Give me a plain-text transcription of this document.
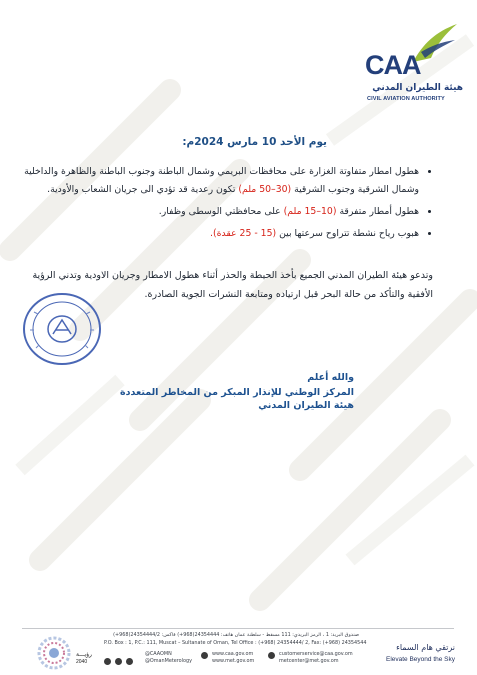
CAA
هيئة الطيران المدني
CIVIL AVIATION AUTHORITY
يوم الأحد 10 مارس 2024م:
• هطول امطار متفاوتة الغزارة على محافظات البريمي وشمال الباطنة وجنوب الباطنة والظاهرة والداخلية وشمال الشرقية وجنوب الشرقية (30–50 ملم) تكون رعدية قد تؤدي الى جريان الشعاب والأودية.
• هطول أمطار متفرقة (10–15 ملم) على محافظتي الوسطى وظفار.
• هبوب رياح نشطة تتراوح سرعتها بين (15 - 25 عقدة).

وتدعو هيئة الطيران المدني الجميع بأخذ الحيطة والحذر أثناء هطول الامطار وجريان الاودية وتدني الرؤية الأفقية والتأكد من حالة البحر قبل ارتياده ومتابعة النشرات الجوية الصادرة.

والله أعلم
المركز الوطني للإنذار المبكر من المخاطر المتعددة
هيئة الطيران المدني
رؤيـــة
2040
صندوق البريد: 1 ، الرمز البريدي: 111 مسقط - سلطنة عمان هاتف: 24354444(968+) فاكس: 24354444/2(968+)
P.O. Box : 1, P.C.: 111, Muscat – Sultanate of Oman, Tel Office : (+968) 24354444/ 2, Fax: (+968) 24354544
@CAAOMN
@OmanMeterology
www.caa.gov.om
www.met.gov.om
customerservice@caa.gov.om
metcenter@met.gov.om
نرتقي هام السماء
Elevate Beyond the Sky
